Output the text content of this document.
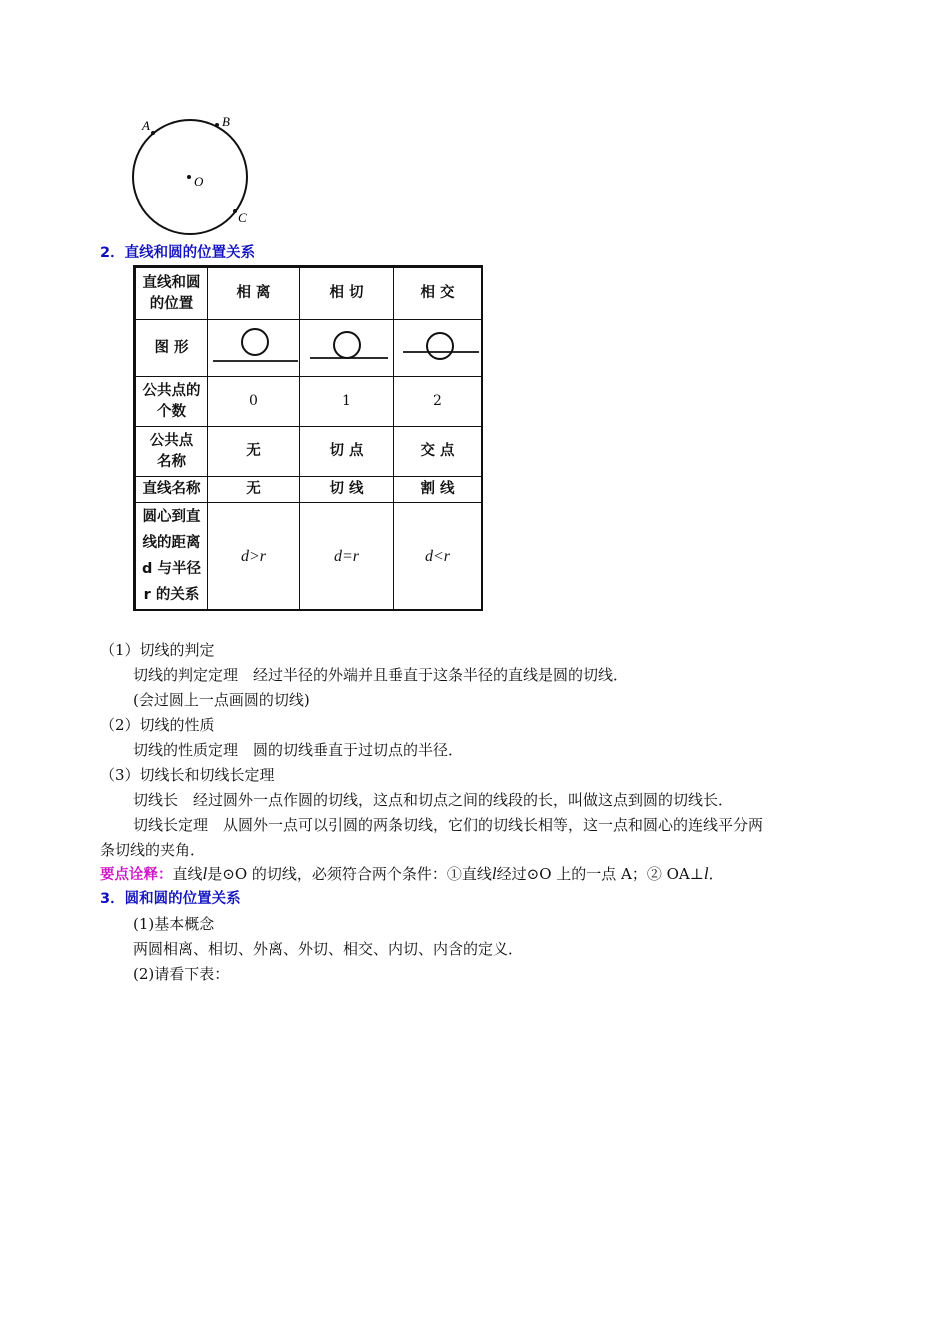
A	B
O
C
2．直线和圆的位置关系
直线和圆
的位置	相 离	相 切	相 交
图 形			

公共点的
个数	0	1	2

公共点
名称	无	切 点	交 点
直线名称	无	切 线	割 线

圆心到直
线的距离
d 与半径
r 的关系	d>r	d=r	d<r
（1）切线的判定
切线的判定定理　经过半径的外端并且垂直于这条半径的直线是圆的切线．
(会过圆上一点画圆的切线)
（2）切线的性质
切线的性质定理　圆的切线垂直于过切点的半径．
（3）切线长和切线长定理
切线长　经过圆外一点作圆的切线，这点和切点之间的线段的长，叫做这点到圆的切线长．
切线长定理　从圆外一点可以引圆的两条切线，它们的切线长相等，这一点和圆心的连线平分两
条切线的夹角．
要点诠释：直线l是⊙O 的切线，必须符合两个条件：①直线l经过⊙O 上的一点 A；② OA⊥l．
3．圆和圆的位置关系
(1)基本概念
两圆相离、相切、外离、外切、相交、内切、内含的定义．
(2)请看下表：
